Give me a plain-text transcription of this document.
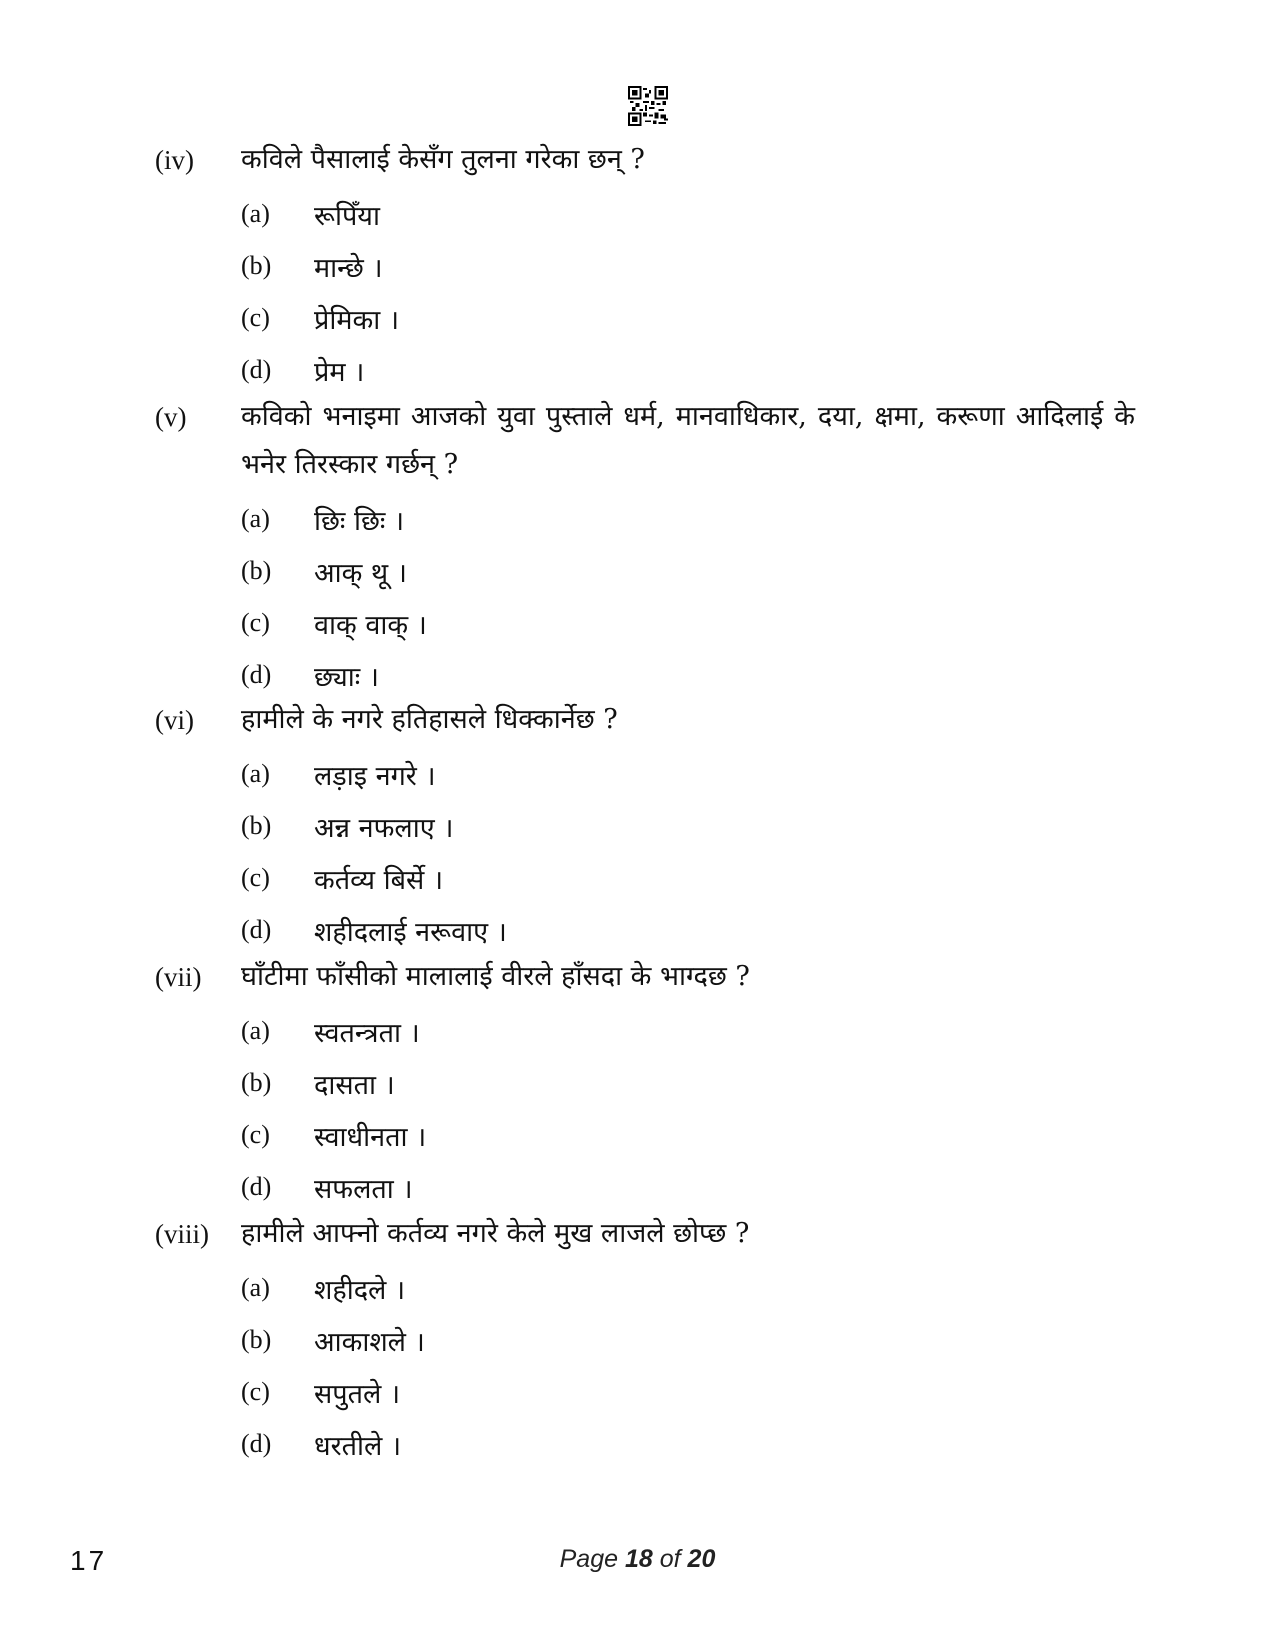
(iv)	कविले पैसालाई केसँग तुलना गरेका छन् ?
(a)	रूपिँया
(b)	मान्छे ।
(c)	प्रेमिका ।
(d)	प्रेम ।
(v)	कविको भनाइमा आजको युवा पुस्ताले धर्म, मानवाधिकार, दया, क्षमा, करूणा आदिलाई के भनेर तिरस्कार गर्छन् ?
(a)	छिः छिः ।
(b)	आक् थू ।
(c)	वाक् वाक् ।
(d)	छ्याः ।
(vi)	हामीले के नगरे हतिहासले धिक्कार्नेछ ?
(a)	लड़ाइ नगरे ।
(b)	अन्न नफलाए ।
(c)	कर्तव्य बिर्से ।
(d)	शहीदलाई नरूवाए ।
(vii)	घाँटीमा फाँसीको मालालाई वीरले हाँसदा के भाग्दछ ?
(a)	स्वतन्त्रता ।
(b)	दासता ।
(c)	स्वाधीनता ।
(d)	सफलता ।
(viii)	हामीले आफ्नो कर्तव्य नगरे केले मुख लाजले छोप्छ ?
(a)	शहीदले ।
(b)	आकाशले ।
(c)	सपुतले ।
(d)	धरतीले ।
17	Page 18 of 20
